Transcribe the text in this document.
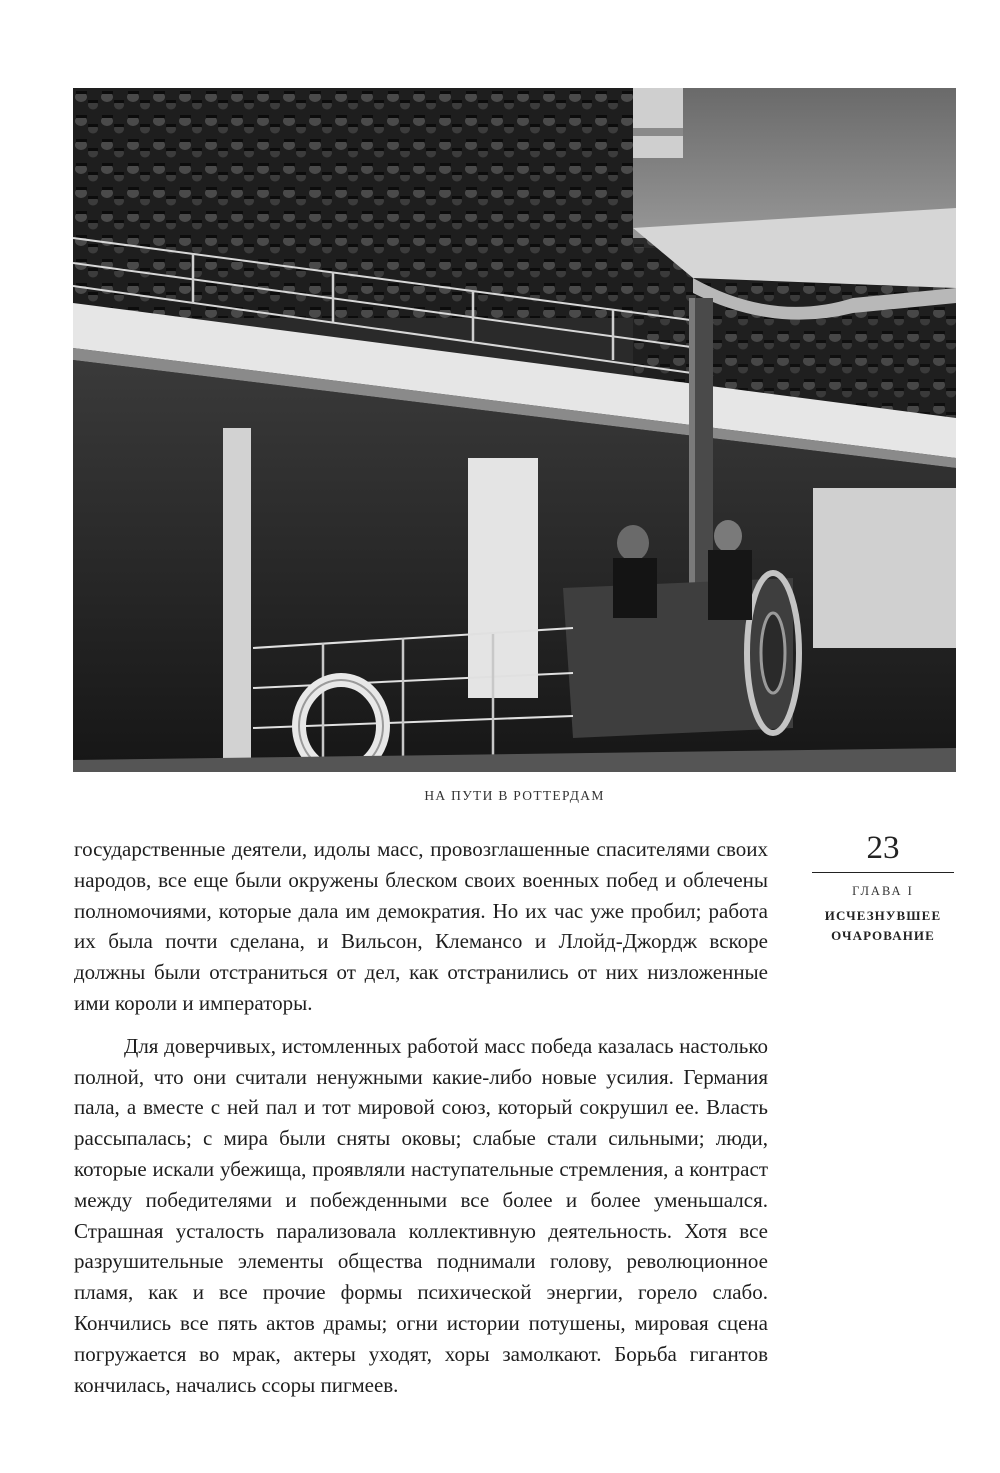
НА ПУТИ В РОТТЕРДАМ
23
ГЛАВА I
ИСЧЕЗНУВШЕЕ
ОЧАРОВАНИЕ

государственные деятели, идолы масс, провозглашенные спасителями своих народов, все еще были окружены блеском своих военных побед и облечены полномочиями, которые дала им демократия. Но их час уже пробил; работа их была почти сделана, и Вильсон, Клемансо и Ллойд-Джордж вскоре должны были отстраниться от дел, как отстранились от них низложенные ими короли и императоры.

Для доверчивых, истомленных работой масс победа казалась настолько полной, что они считали ненужными какие-либо новые усилия. Германия пала, а вместе с ней пал и тот мировой союз, который сокрушил ее. Власть рассыпалась; с мира были сняты оковы; слабые стали сильными; люди, которые искали убежища, проявляли наступательные стремления, а контраст между победителями и побежденными все более и более уменьшался. Страшная усталость парализовала коллективную деятельность. Хотя все разрушительные элементы общества поднимали голову, революционное пламя, как и все прочие формы психической энергии, горело слабо. Кончились все пять актов драмы; огни истории потушены, мировая сцена погружается во мрак, актеры уходят, хоры замолкают. Борьба гигантов кончилась, начались ссоры пигмеев.
